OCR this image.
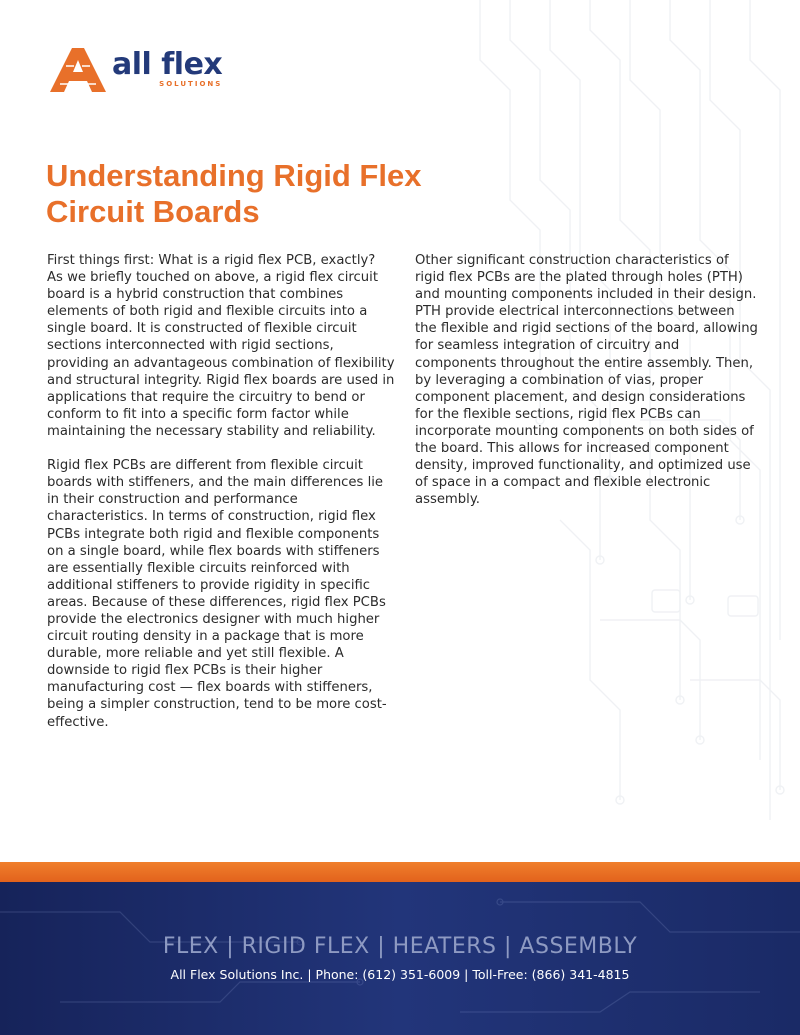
all flex
SOLUTIONS
Understanding Rigid Flex
Circuit Boards

First things first: What is a rigid flex PCB, exactly? As we briefly touched on above, a rigid flex circuit board is a hybrid construction that combines elements of both rigid and flexible circuits into a single board. It is constructed of flexible circuit sections interconnected with rigid sections, providing an advantageous combination of flexibility and structural integrity. Rigid flex boards are used in applications that require the circuitry to bend or conform to fit into a specific form factor while maintaining the necessary stability and reliability.

Rigid flex PCBs are different from flexible circuit boards with stiffeners, and the main differences lie in their construction and performance characteristics. In terms of construction, rigid flex PCBs integrate both rigid and flexible components on a single board, while flex boards with stiffeners are essentially flexible circuits reinforced with additional stiffeners to provide rigidity in specific areas. Because of these differences, rigid flex PCBs provide the electronics designer with much higher circuit routing density in a package that is more durable, more reliable and yet still flexible. A downside to rigid flex PCBs is their higher manufacturing cost — flex boards with stiffeners, being a simpler construction, tend to be more cost-effective.

Other significant construction characteristics of rigid flex PCBs are the plated through holes (PTH) and mounting components included in their design. PTH provide electrical interconnections between the flexible and rigid sections of the board, allowing for seamless integration of circuitry and components throughout the entire assembly. Then, by leveraging a combination of vias, proper component placement, and design considerations for the flexible sections, rigid flex PCBs can incorporate mounting components on both sides of the board. This allows for increased component density, improved functionality, and optimized use of space in a compact and flexible electronic assembly.

FLEX | RIGID FLEX | HEATERS | ASSEMBLY
All Flex Solutions Inc. | Phone: (612) 351-6009 | Toll-Free: (866) 341-4815
